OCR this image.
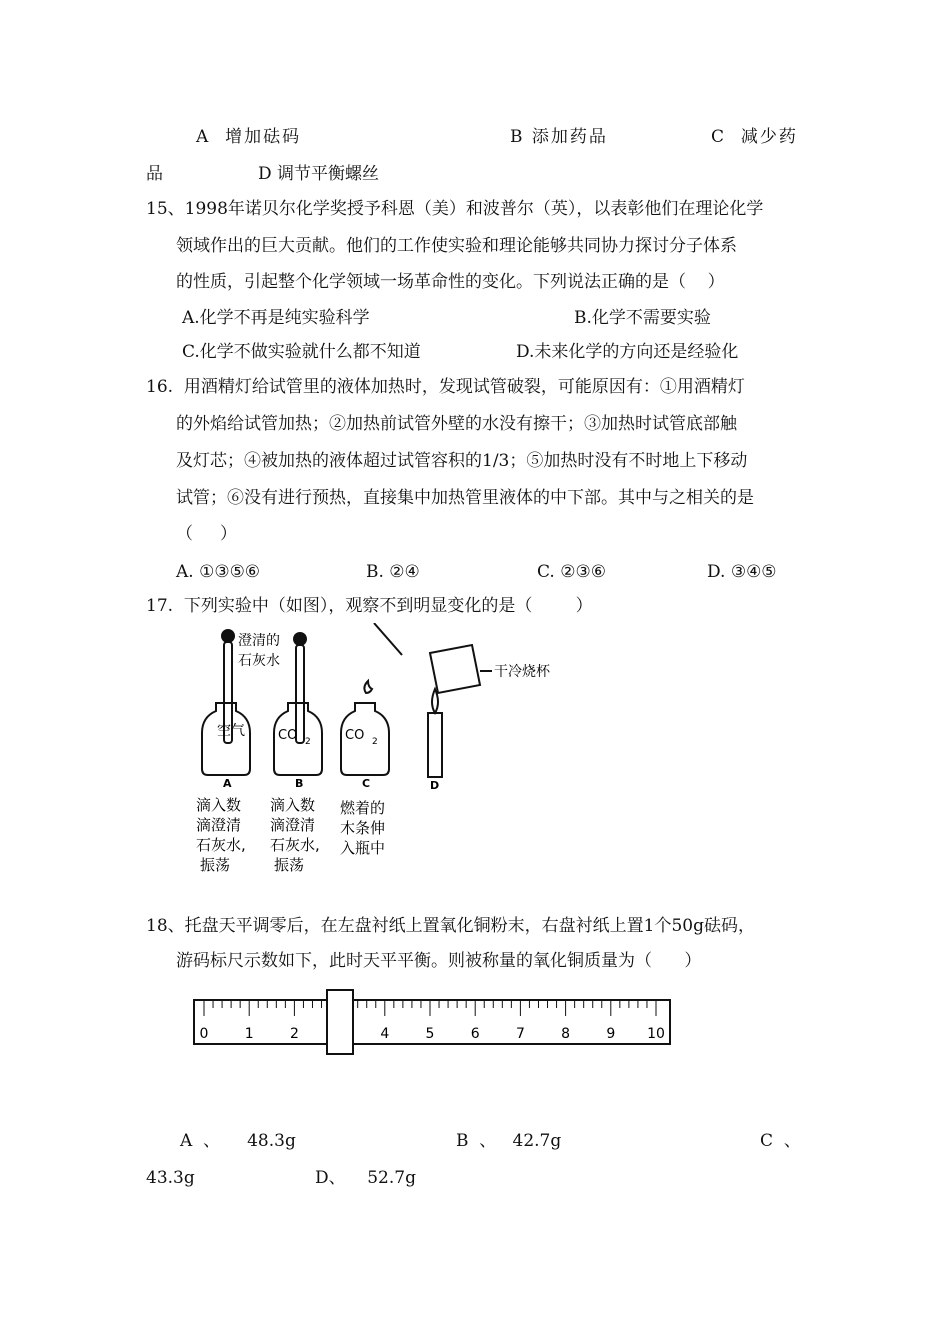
A  增加砝码	B 添加药品	C  减少药
品	D 调节平衡螺丝
15、1998年诺贝尔化学奖授予科恩（美）和波普尔（英），以表彰他们在理论化学
领域作出的巨大贡献。他们的工作使实验和理论能够共同协力探讨分子体系
的性质，引起整个化学领域一场革命性的变化。下列说法正确的是（    ）
A.化学不再是纯实验科学	B.化学不需要实验
C.化学不做实验就什么都不知道	D.未来化学的方向还是经验化
16.  用酒精灯给试管里的液体加热时，发现试管破裂，可能原因有：①用酒精灯
的外焰给试管加热；②加热前试管外壁的水没有擦干；③加热时试管底部触
及灯芯；④被加热的液体超过试管容积的1/3；⑤加热时没有不时地上下移动
试管；⑥没有进行预热，直接集中加热管里液体的中下部。其中与之相关的是
（     ）
A. ①③⑤⑥	B. ②④	C. ②③⑥	D. ③④⑤
17.  下列实验中（如图），观察不到明显变化的是（        ）
澄清的
石灰水
干冷烧杯
空气	CO 2	CO 2
A	B	C	D
滴入数
滴澄清
石灰水,
振荡
滴入数
滴澄清
石灰水,
振荡
燃着的
木条伸
入瓶中
18、托盘天平调零后，在左盘衬纸上置氧化铜粉末，右盘衬纸上置1个50g砝码，
游码标尺示数如下，此时天平平衡。则被称量的氧化铜质量为（      ）
0	1	2	4	5	6	7	8	9 10
A  、     48.3g	B  、   42.7g	C  、
43.3g	D、    52.7g
